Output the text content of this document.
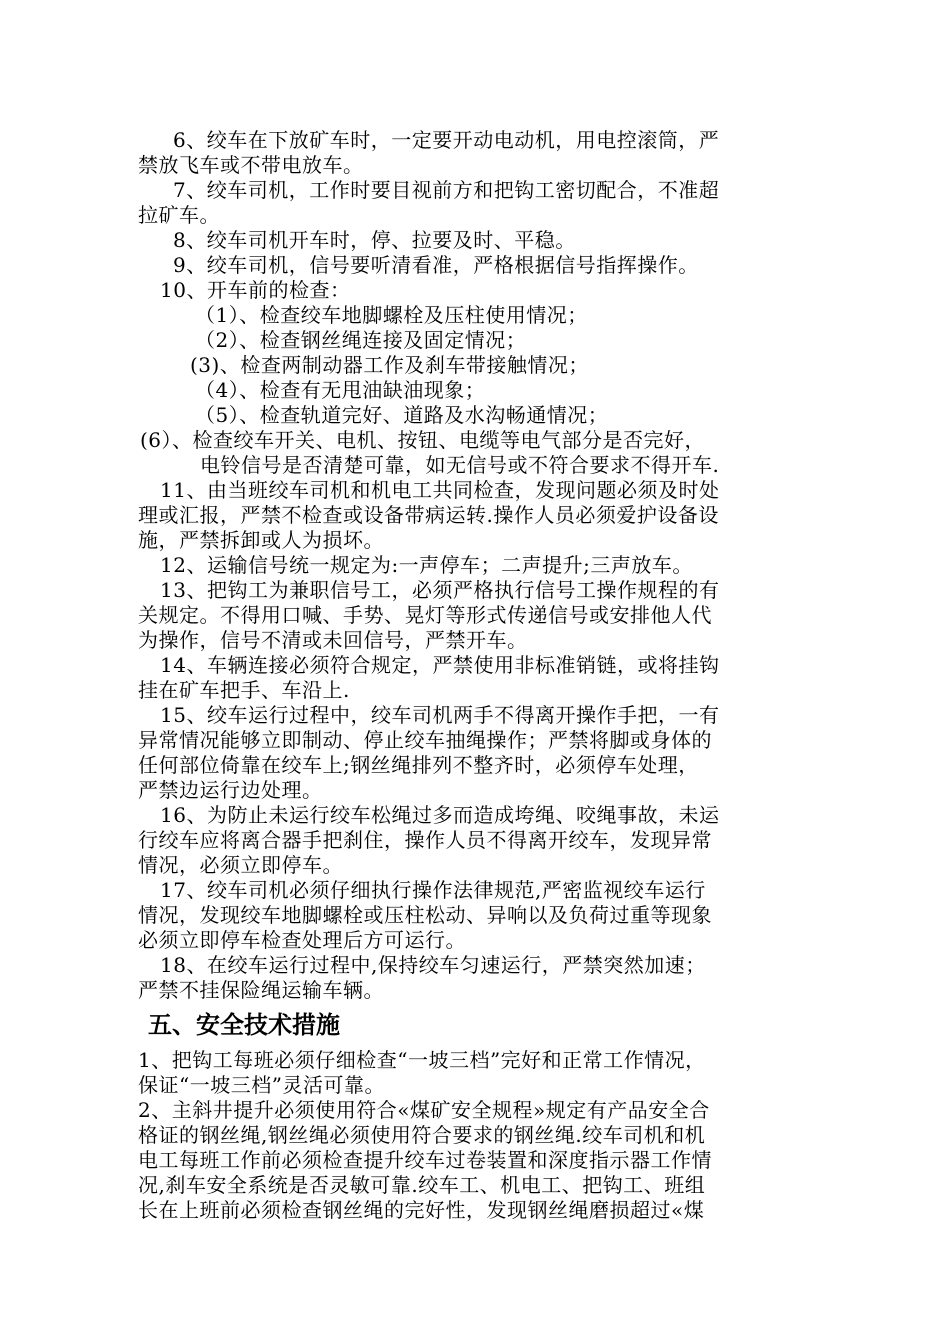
6、绞车在下放矿车时，一定要开动电动机，用电控滚筒，严
禁放飞车或不带电放车。
7、绞车司机，工作时要目视前方和把钩工密切配合，不准超
拉矿车。
8、绞车司机开车时，停、拉要及时、平稳。
9、绞车司机，信号要听清看准，严格根据信号指挥操作。
10、开车前的检查：
（1）、检查绞车地脚螺栓及压柱使用情况；
（2）、检查钢丝绳连接及固定情况；
(3)、检查两制动器工作及刹车带接触情况；
（4）、检查有无甩油缺油现象；
（5）、检查轨道完好、道路及水沟畅通情况；
(6）、检查绞车开关、电机、按钮、电缆等电气部分是否完好，
电铃信号是否清楚可靠，如无信号或不符合要求不得开车.
11、由当班绞车司机和机电工共同检查，发现问题必须及时处
理或汇报，严禁不检查或设备带病运转.操作人员必须爱护设备设
施，严禁拆卸或人为损坏。
12、运输信号统一规定为:一声停车；二声提升;三声放车。
13、把钩工为兼职信号工，必须严格执行信号工操作规程的有
关规定。不得用口喊、手势、晃灯等形式传递信号或安排他人代
为操作，信号不清或未回信号，严禁开车。
14、车辆连接必须符合规定，严禁使用非标准销链，或将挂钩
挂在矿车把手、车沿上.
15、绞车运行过程中，绞车司机两手不得离开操作手把，一有
异常情况能够立即制动、停止绞车抽绳操作；严禁将脚或身体的
任何部位倚靠在绞车上;钢丝绳排列不整齐时，必须停车处理，
严禁边运行边处理。
16、为防止未运行绞车松绳过多而造成垮绳、咬绳事故，未运
行绞车应将离合器手把刹住，操作人员不得离开绞车，发现异常
情况，必须立即停车。
17、绞车司机必须仔细执行操作法律规范,严密监视绞车运行
情况，发现绞车地脚螺栓或压柱松动、异响以及负荷过重等现象
必须立即停车检查处理后方可运行。
18、在绞车运行过程中,保持绞车匀速运行，严禁突然加速；
严禁不挂保险绳运输车辆。
五、安全技术措施
1、把钩工每班必须仔细检查“一坡三档”完好和正常工作情况，
保证“一坡三档”灵活可靠。
2、主斜井提升必须使用符合«煤矿安全规程»规定有产品安全合
格证的钢丝绳,钢丝绳必须使用符合要求的钢丝绳.绞车司机和机
电工每班工作前必须检查提升绞车过卷装置和深度指示器工作情
况,刹车安全系统是否灵敏可靠.绞车工、机电工、把钩工、班组
长在上班前必须检查钢丝绳的完好性，发现钢丝绳磨损超过«煤
